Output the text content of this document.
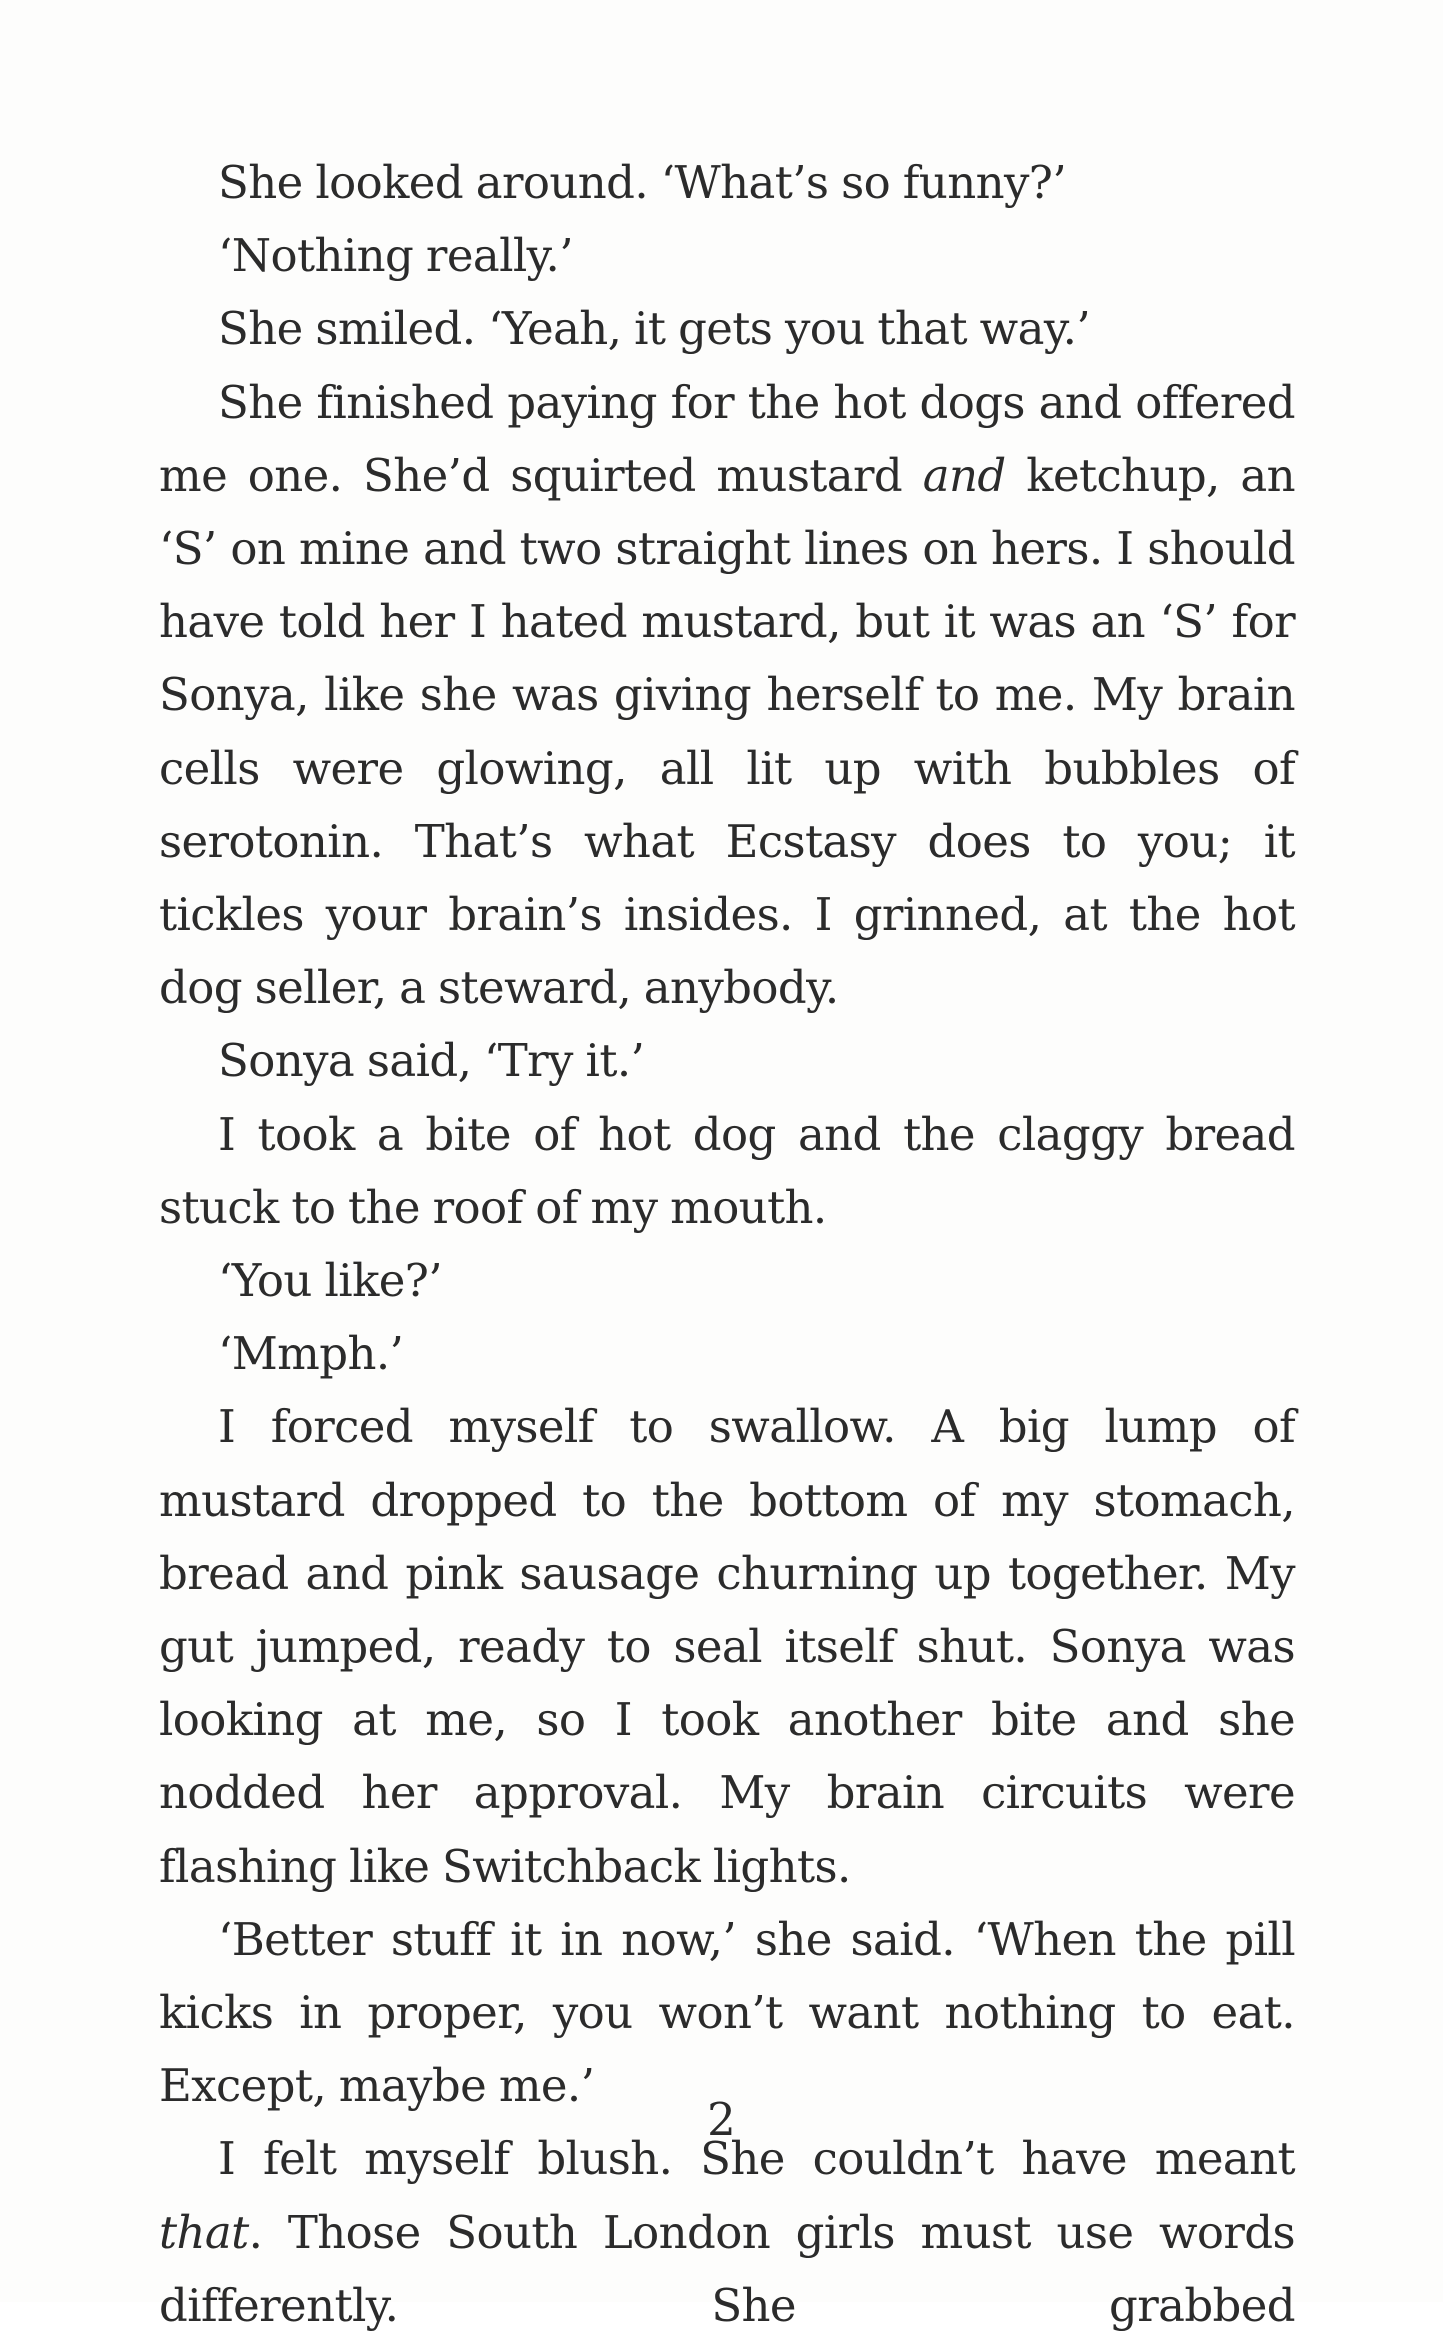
She looked around. ‘What’s so funny?’

‘Nothing really.’

She smiled. ‘Yeah, it gets you that way.’

She finished paying for the hot dogs and offered me one. She’d squirted mustard and ketchup, an ‘S’ on mine and two straight lines on hers. I should have told her I hated mustard, but it was an ‘S’ for Sonya, like she was giving herself to me. My brain cells were glowing, all lit up with bubbles of serotonin. That’s what Ecstasy does to you; it tickles your brain’s insides. I grinned, at the hot dog seller, a steward, anybody.

Sonya said, ‘Try it.’

I took a bite of hot dog and the claggy bread stuck to the roof of my mouth.

‘You like?’

‘Mmph.’

I forced myself to swallow. A big lump of mustard dropped to the bottom of my stomach, bread and pink sausage churning up together. My gut jumped, ready to seal itself shut. Sonya was looking at me, so I took another bite and she nodded her approval. My brain circuits were flashing like Switchback lights.

‘Better stuff it in now,’ she said. ‘When the pill kicks in proper, you won’t want nothing to eat. Except, maybe me.’

I felt myself blush. She couldn’t have meant that. Those South London girls must use words differently. She grabbed

2
